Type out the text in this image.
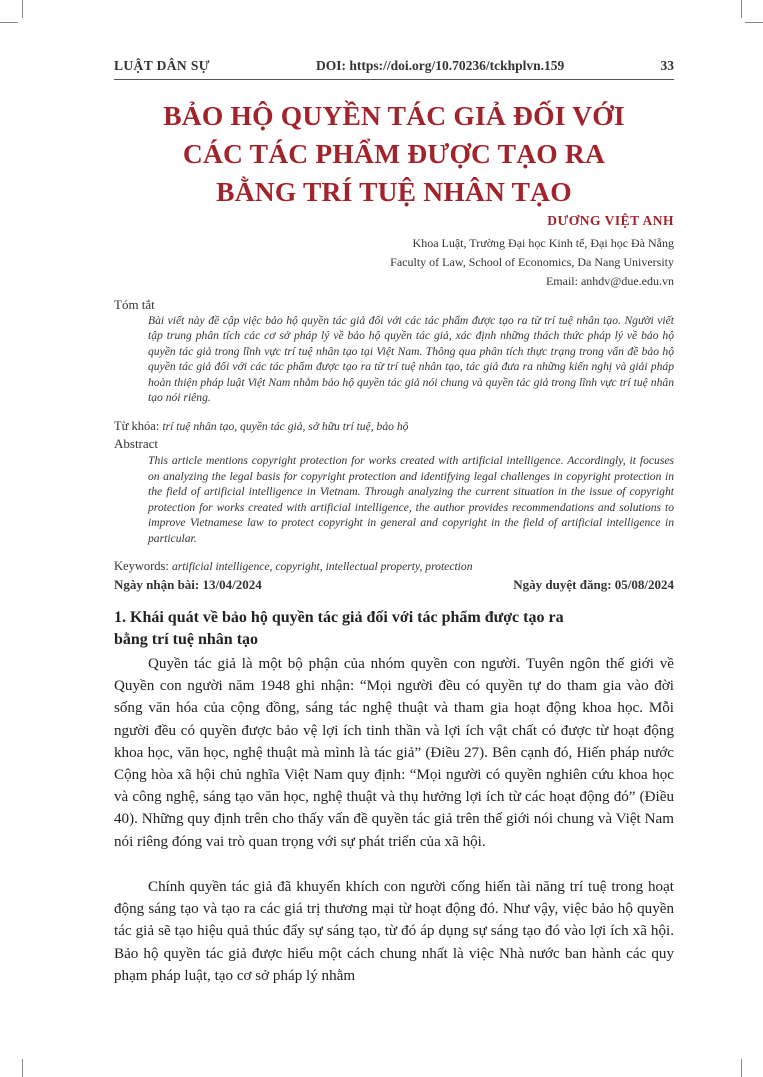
LUẬT DÂN SỰ	DOI: https://doi.org/10.70236/tckhplvn.159	33
BẢO HỘ QUYỀN TÁC GIẢ ĐỐI VỚI
CÁC TÁC PHẨM ĐƯỢC TẠO RA
BẰNG TRÍ TUỆ NHÂN TẠO
DƯƠNG VIỆT ANH
Khoa Luật, Trường Đại học Kinh tế, Đại học Đà Nẵng
Faculty of Law, School of Economics, Da Nang University
Email: anhdv@due.edu.vn
Tóm tắt
Bài viết này đề cập việc bảo hộ quyền tác giả đối với các tác phẩm được tạo ra từ trí tuệ nhân tạo. Người viết tập trung phân tích các cơ sở pháp lý về bảo hộ quyền tác giả, xác định những thách thức pháp lý về bảo hộ quyền tác giả trong lĩnh vực trí tuệ nhân tạo tại Việt Nam. Thông qua phân tích thực trạng trong vấn đề bảo hộ quyền tác giả đối với các tác phẩm được tạo ra từ trí tuệ nhân tạo, tác giả đưa ra những kiến nghị và giải pháp hoàn thiện pháp luật Việt Nam nhằm bảo hộ quyền tác giả nói chung và quyền tác giả trong lĩnh vực trí tuệ nhân tạo nói riêng.
Từ khóa: trí tuệ nhân tạo, quyền tác giả, sở hữu trí tuệ, bảo hộ
Abstract
This article mentions copyright protection for works created with artificial intelligence. Accordingly, it focuses on analyzing the legal basis for copyright protection and identifying legal challenges in copyright protection in the field of artificial intelligence in Vietnam. Through analyzing the current situation in the issue of copyright protection for works created with artificial intelligence, the author provides recommendations and solutions to improve Vietnamese law to protect copyright in general and copyright in the field of artificial intelligence in particular.
Keywords: artificial intelligence, copyright, intellectual property, protection
Ngày nhận bài: 13/04/2024	Ngày duyệt đăng: 05/08/2024
1. Khái quát về bảo hộ quyền tác giả đối với tác phẩm được tạo ra
bằng trí tuệ nhân tạo
Quyền tác giả là một bộ phận của nhóm quyền con người. Tuyên ngôn thế giới về Quyền con người năm 1948 ghi nhận: “Mọi người đều có quyền tự do tham gia vào đời sống văn hóa của cộng đồng, sáng tác nghệ thuật và tham gia hoạt động khoa học. Mỗi người đều có quyền được bảo vệ lợi ích tinh thần và lợi ích vật chất có được từ hoạt động khoa học, văn học, nghệ thuật mà mình là tác giả” (Điều 27). Bên cạnh đó, Hiến pháp nước Cộng hòa xã hội chủ nghĩa Việt Nam quy định: “Mọi người có quyền nghiên cứu khoa học và công nghệ, sáng tạo văn học, nghệ thuật và thụ hưởng lợi ích từ các hoạt động đó” (Điều 40). Những quy định trên cho thấy vấn đề quyền tác giả trên thế giới nói chung và Việt Nam nói riêng đóng vai trò quan trọng với sự phát triển của xã hội.
Chính quyền tác giả đã khuyến khích con người cống hiến tài năng trí tuệ trong hoạt động sáng tạo và tạo ra các giá trị thương mại từ hoạt động đó. Như vậy, việc bảo hộ quyền tác giả sẽ tạo hiệu quả thúc đẩy sự sáng tạo, từ đó áp dụng sự sáng tạo đó vào lợi ích xã hội. Bảo hộ quyền tác giả được hiểu một cách chung nhất là việc Nhà nước ban hành các quy phạm pháp luật, tạo cơ sở pháp lý nhằm
